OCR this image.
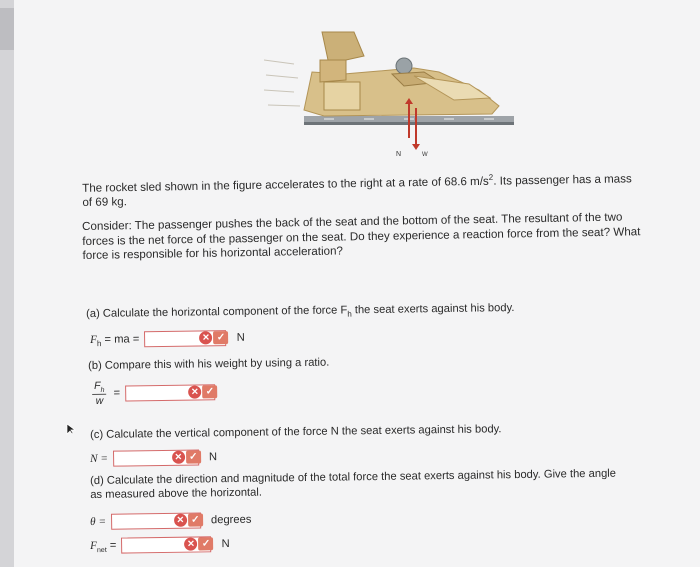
N	W
The rocket sled shown in the figure accelerates to the right at a rate of 68.6 $m/s^2$. Its passenger has a mass of 69 kg.
Consider: The passenger pushes the back of the seat and the bottom of the seat. The resultant of the two forces is the net force of the passenger on the seat. Do they experience a reaction force from the seat? What force is responsible for his horizontal acceleration?
(a) Calculate the horizontal component of the force $F_h$ the seat exerts against his body.
$F_h$ = ma =	✕ ✓ N
(b) Compare this with his weight by using a ratio.
$\frac{F_h}{w}$ =	✕ ✓
(c) Calculate the vertical component of the force N the seat exerts against his body.
N =	✕ ✓ N
(d) Calculate the direction and magnitude of the total force the seat exerts against his body. Give the angle as measured above the horizontal.
θ =	✕ ✓ degrees
$F_{net}$ =	✕ ✓ N
